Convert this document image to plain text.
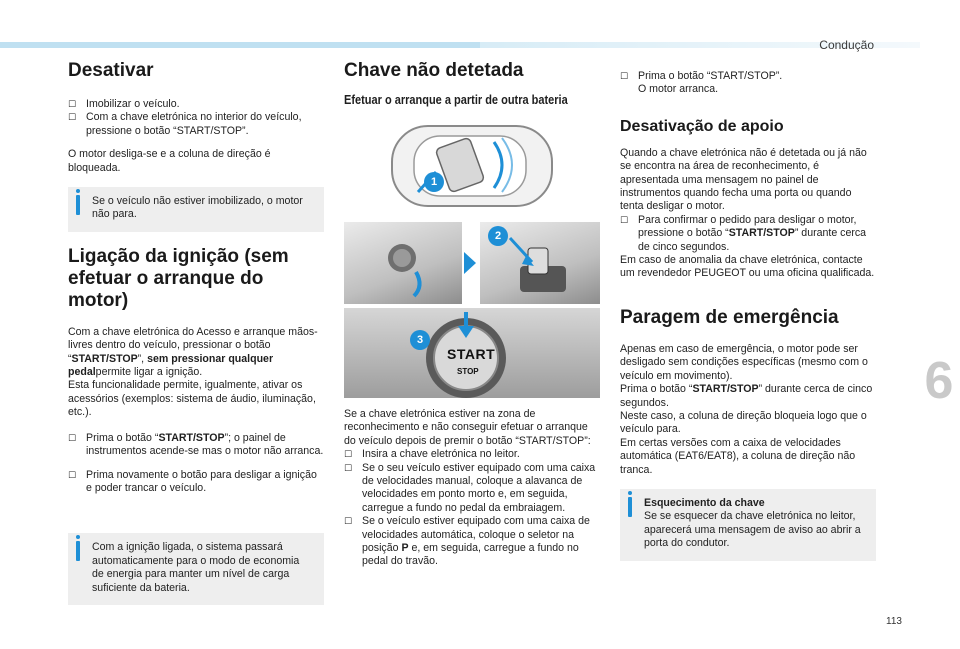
Condução
6
113
Desativar
☐ Imobilizar o veículo.
☐ Com a chave eletrónica no interior do veículo, pressione o botão “START/STOP”.

O motor desliga-se e a coluna de direção é bloqueada.

Se o veículo não estiver imobilizado, o motor não para.
Ligação da ignição (sem efetuar o arranque do motor)

Com a chave eletrónica do Acesso e arranque mãos-livres dentro do veículo, pressionar o botão “START/STOP”, sem pressionar qualquer pedalpermite ligar a ignição.
Esta funcionalidade permite, igualmente, ativar os acessórios (exemplos: sistema de áudio, iluminação, etc.).

☐ Prima o botão “START/STOP”; o painel de instrumentos acende-se mas o motor não arranca.
☐ Prima novamente o botão para desligar a ignição e poder trancar o veículo.
Com a ignição ligada, o sistema passará automaticamente para o modo de economia de energia para manter um nível de carga suficiente da bateria.
Chave não detetada
Efetuar o arranque a partir de outra bateria
1
2
START
STOP
3

Se a chave eletrónica estiver na zona de reconhecimento e não conseguir efetuar o arranque do veículo depois de premir o botão “START/STOP”:

☐ Insira a chave eletrónica no leitor.
☐ Se o seu veículo estiver equipado com uma caixa de velocidades manual, coloque a alavanca de velocidades em ponto morto e, em seguida, carregue a fundo no pedal da embraiagem.
☐ Se o veículo estiver equipado com uma caixa de velocidades automática, coloque o seletor na posição P e, em seguida, carregue a fundo no pedal do travão.
☐ Prima o botão “START/STOP”.
O motor arranca.
Desativação de apoio

Quando a chave eletrónica não é detetada ou já não se encontra na área de reconhecimento, é apresentada uma mensagem no painel de instrumentos quando fecha uma porta ou quando tenta desligar o motor.

☐ Para confirmar o pedido para desligar o motor, pressione o botão “START/STOP” durante cerca de cinco segundos.

Em caso de anomalia da chave eletrónica, contacte um revendedor PEUGEOT ou uma oficina qualificada.

Paragem de emergência

Apenas em caso de emergência, o motor pode ser desligado sem condições específicas (mesmo com o veículo em movimento).
Prima o botão “START/STOP” durante cerca de cinco segundos.
Neste caso, a coluna de direção bloqueia logo que o veículo para.
Em certas versões com a caixa de velocidades automática (EAT6/EAT8), a coluna de direção não tranca.

Esquecimento da chave
Se se esquecer da chave eletrónica no leitor, aparecerá uma mensagem de aviso ao abrir a porta do condutor.
